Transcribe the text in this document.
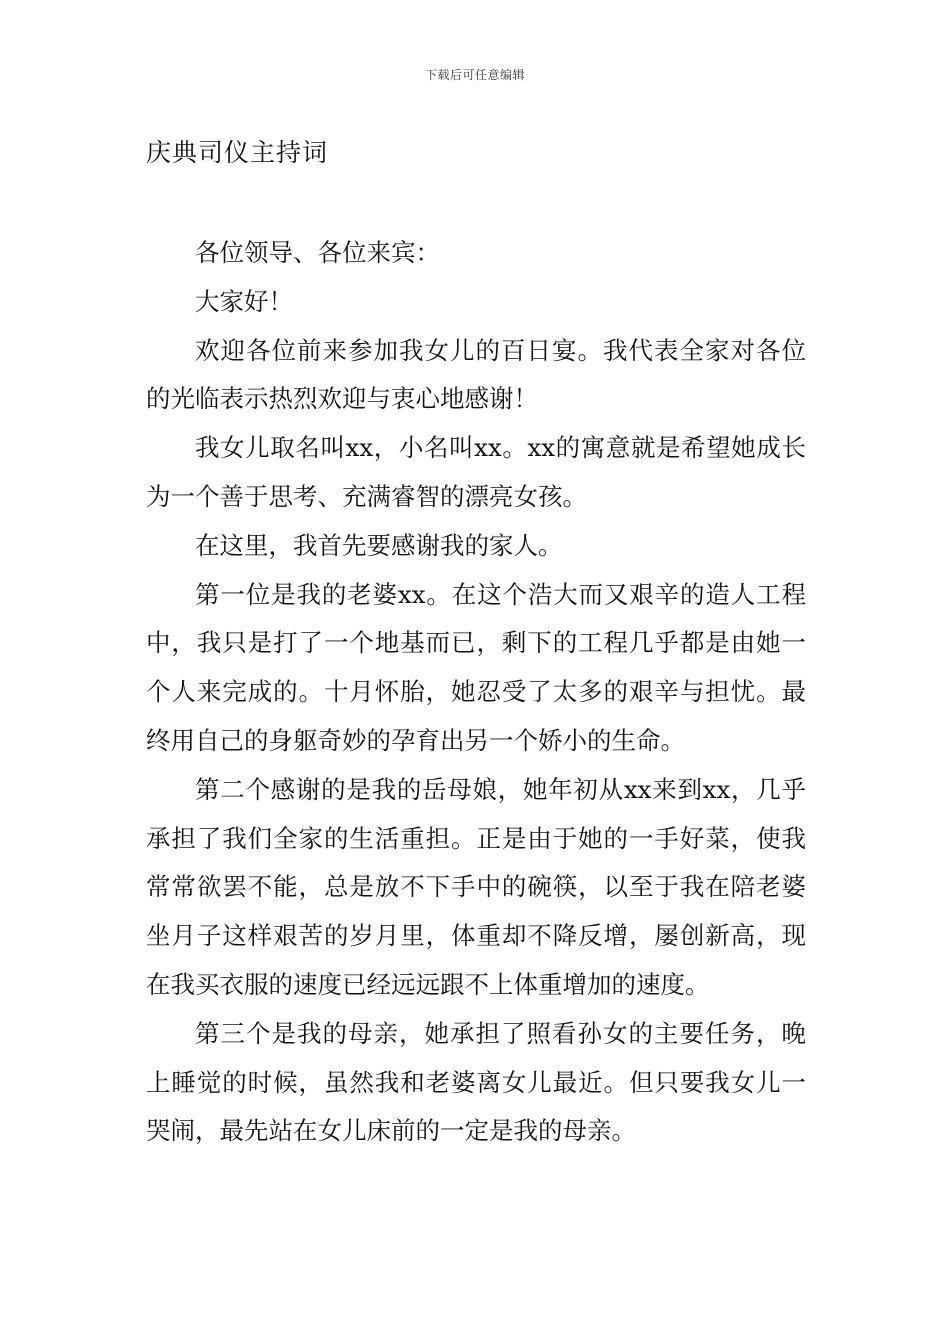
下载后可任意编辑
庆典司仪主持词

各位领导、各位来宾：

大家好！

欢迎各位前来参加我女儿的百日宴。我代表全家对各位的光临表示热烈欢迎与衷心地感谢！

我女儿取名叫xx，小名叫xx。xx的寓意就是希望她成长为一个善于思考、充满睿智的漂亮女孩。

在这里，我首先要感谢我的家人。

第一位是我的老婆xx。在这个浩大而又艰辛的造人工程中，我只是打了一个地基而已，剩下的工程几乎都是由她一个人来完成的。十月怀胎，她忍受了太多的艰辛与担忧。最终用自己的身躯奇妙的孕育出另一个娇小的生命。

第二个感谢的是我的岳母娘，她年初从xx来到xx，几乎承担了我们全家的生活重担。正是由于她的一手好菜，使我常常欲罢不能，总是放不下手中的碗筷，以至于我在陪老婆坐月子这样艰苦的岁月里，体重却不降反增，屡创新高，现在我买衣服的速度已经远远跟不上体重增加的速度。

第三个是我的母亲，她承担了照看孙女的主要任务，晚上睡觉的时候，虽然我和老婆离女儿最近。但只要我女儿一哭闹，最先站在女儿床前的一定是我的母亲。
